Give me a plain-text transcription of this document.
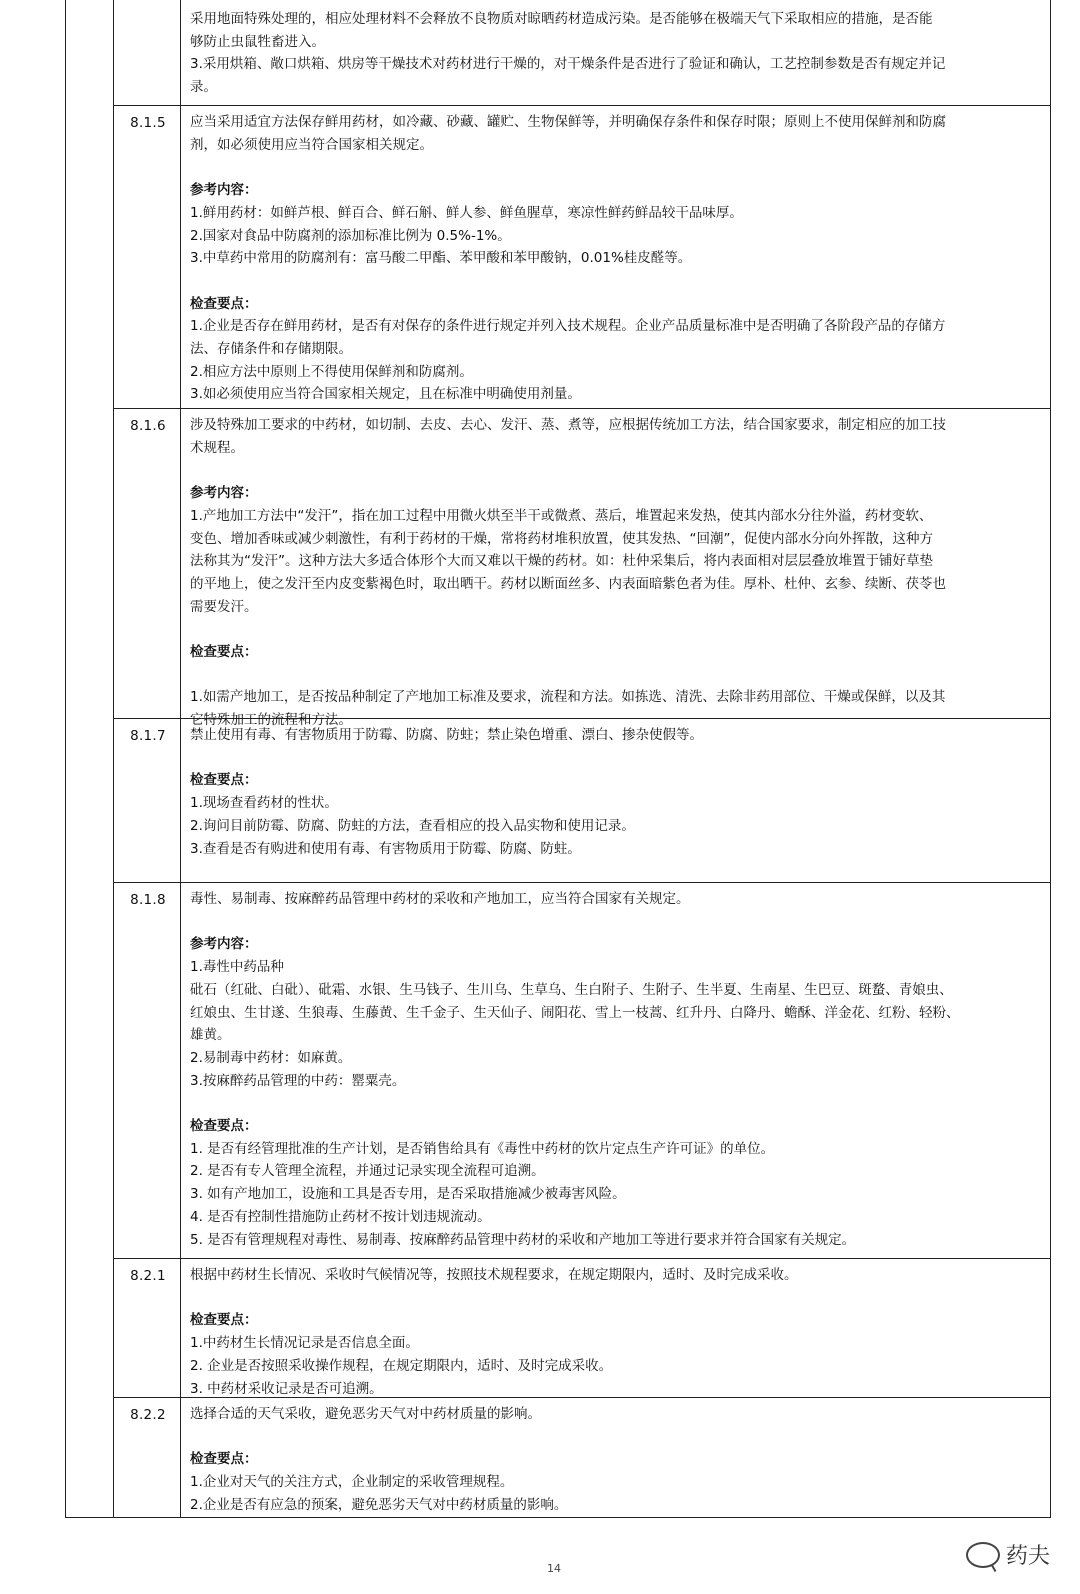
采用地面特殊处理的，相应处理材料不会释放不良物质对晾晒药材造成污染。是否能够在极端天气下采取相应的措施，是否能
够防止虫鼠牲畜进入。
3.采用烘箱、敞口烘箱、烘房等干燥技术对药材进行干燥的，对干燥条件是否进行了验证和确认，工艺控制参数是否有规定并记
录。
8.1.5	应当采用适宜方法保存鲜用药材，如冷藏、砂藏、罐贮、生物保鲜等，并明确保存条件和保存时限；原则上不使用保鲜剂和防腐
剂，如必须使用应当符合国家相关规定。
参考内容：
1.鲜用药材：如鲜芦根、鲜百合、鲜石斛、鲜人参、鲜鱼腥草，寒凉性鲜药鲜品较干品味厚。
2.国家对食品中防腐剂的添加标准比例为 0.5%-1%。
3.中草药中常用的防腐剂有：富马酸二甲酯、苯甲酸和苯甲酸钠，0.01%桂皮醛等。
检查要点：
1.企业是否存在鲜用药材，是否有对保存的条件进行规定并列入技术规程。企业产品质量标准中是否明确了各阶段产品的存储方
法、存储条件和存储期限。
2.相应方法中原则上不得使用保鲜剂和防腐剂。
3.如必须使用应当符合国家相关规定，且在标准中明确使用剂量。
8.1.6	涉及特殊加工要求的中药材，如切制、去皮、去心、发汗、蒸、煮等，应根据传统加工方法，结合国家要求，制定相应的加工技
术规程。
参考内容：
1.产地加工方法中“发汗”，指在加工过程中用微火烘至半干或微煮、蒸后，堆置起来发热，使其内部水分往外溢，药材变软、
变色、增加香味或减少刺激性，有利于药材的干燥，常将药材堆积放置，使其发热、“回潮”，促使内部水分向外挥散，这种方
法称其为“发汗”。这种方法大多适合体形个大而又难以干燥的药材。如：杜仲采集后，将内表面相对层层叠放堆置于铺好草垫
的平地上，使之发汗至内皮变紫褐色时，取出晒干。药材以断面丝多、内表面暗紫色者为佳。厚朴、杜仲、玄参、续断、茯苓也
需要发汗。
检查要点：
1.如需产地加工，是否按品种制定了产地加工标准及要求，流程和方法。如拣选、清洗、去除非药用部位、干燥或保鲜，以及其
它特殊加工的流程和方法。
8.1.7	禁止使用有毒、有害物质用于防霉、防腐、防蛀；禁止染色增重、漂白、掺杂使假等。
检查要点：
1.现场查看药材的性状。
2.询问目前防霉、防腐、防蛀的方法，查看相应的投入品实物和使用记录。
3.查看是否有购进和使用有毒、有害物质用于防霉、防腐、防蛀。
8.1.8	毒性、易制毒、按麻醉药品管理中药材的采收和产地加工，应当符合国家有关规定。
参考内容：
1.毒性中药品种
砒石（红砒、白砒）、砒霜、水银、生马钱子、生川乌、生草乌、生白附子、生附子、生半夏、生南星、生巴豆、斑蝥、青娘虫、
红娘虫、生甘遂、生狼毒、生藤黄、生千金子、生天仙子、闹阳花、雪上一枝蒿、红升丹、白降丹、蟾酥、洋金花、红粉、轻粉、
雄黄。
2.易制毒中药材：如麻黄。
3.按麻醉药品管理的中药：罂粟壳。
检查要点：
1. 是否有经管理批准的生产计划，是否销售给具有《毒性中药材的饮片定点生产许可证》的单位。
2. 是否有专人管理全流程，并通过记录实现全流程可追溯。
3. 如有产地加工，设施和工具是否专用，是否采取措施减少被毒害风险。
4. 是否有控制性措施防止药材不按计划违规流动。
5. 是否有管理规程对毒性、易制毒、按麻醉药品管理中药材的采收和产地加工等进行要求并符合国家有关规定。
8.2.1	根据中药材生长情况、采收时气候情况等，按照技术规程要求，在规定期限内，适时、及时完成采收。
检查要点：
1.中药材生长情况记录是否信息全面。
2. 企业是否按照采收操作规程，在规定期限内，适时、及时完成采收。
3. 中药材采收记录是否可追溯。
8.2.2	选择合适的天气采收，避免恶劣天气对中药材质量的影响。
检查要点：
1.企业对天气的关注方式，企业制定的采收管理规程。
2.企业是否有应急的预案，避免恶劣天气对中药材质量的影响。
14	药夫
